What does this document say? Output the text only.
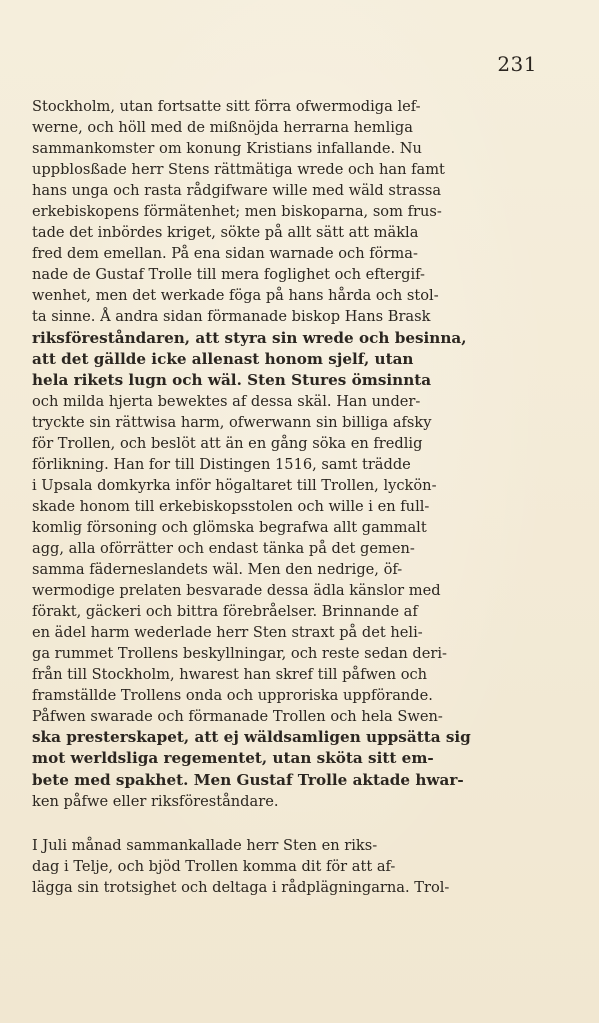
231
Stockholm, utan fortsatte sitt förra ofwermodiga lef-
werne, och höll med de mißnöjda herrarna hemliga
sammankomster om konung Kristians infallande. Nu
uppblosßade herr Stens rättmätiga wrede och han famt
hans unga och rasta rådgifware wille med wäld strassa
erkebiskopens förmätenhet; men biskoparna, som frus-
tade det inbördes kriget, sökte på allt sätt att mäkla
fred dem emellan. På ena sidan warnade och förma-
nade de Gustaf Trolle till mera foglighet och eftergif-
wenhet, men det werkade föga på hans hårda och stol-
ta sinne. Å andra sidan förmanade biskop Hans Brask
riksföreståndaren, att styra sin wrede och besinna,
att det gällde icke allenast honom sjelf, utan
hela rikets lugn och wäl. Sten Stures ömsinnta
och milda hjerta bewektes af dessa skäl. Han under-
tryckte sin rättwisa harm, ofwerwann sin billiga afsky
för Trollen, och beslöt att än en gång söka en fredlig
förlikning. Han for till Distingen 1516, samt trädde
i Upsala domkyrka inför högaltaret till Trollen, lyckön-
skade honom till erkebiskopsstolen och wille i en full-
komlig försoning och glömska begrafwa allt gammalt
agg, alla oförrätter och endast tänka på det gemen-
samma fäderneslandets wäl. Men den nedrige, öf-
wermodige prelaten besvarade dessa ädla känslor med
förakt, gäckeri och bittra förebråelser. Brinnande af
en ädel harm wederlade herr Sten straxt på det heli-
ga rummet Trollens beskyllningar, och reste sedan deri-
från till Stockholm, hwarest han skref till påfwen och
framställde Trollens onda och upproriska uppförande.
Påfwen swarade och förmanade Trollen och hela Swen-
ska presterskapet, att ej wäldsamligen uppsätta sig
mot werldsliga regementet, utan sköta sitt em-
bete med spakhet. Men Gustaf Trolle aktade hwar-
ken påfwe eller riksföreståndare.
I Juli månad sammankallade herr Sten en riks-
dag i Telje, och bjöd Trollen komma dit för att af-
lägga sin trotsighet och deltaga i rådplägningarna. Trol-
